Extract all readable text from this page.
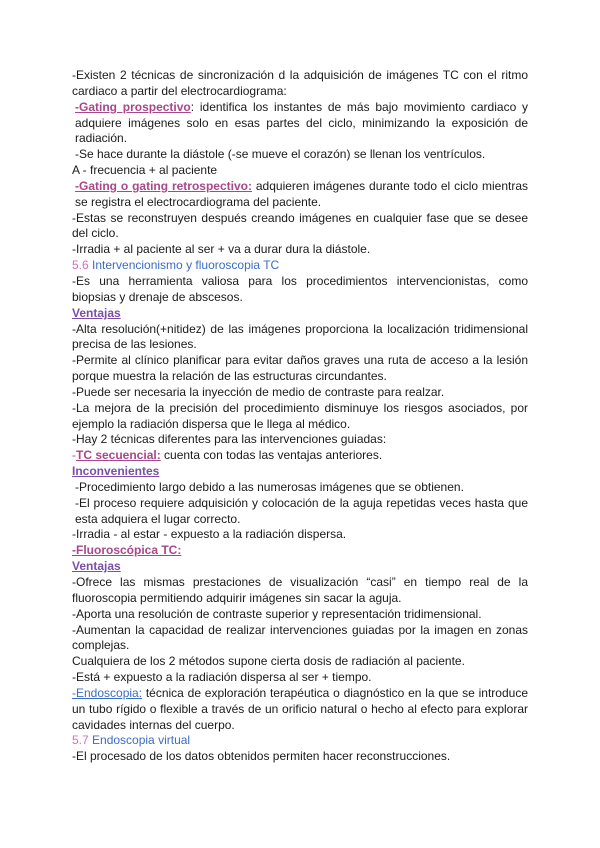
-Existen 2 técnicas de sincronización d la adquisición de imágenes TC con el ritmo cardiaco a partir del electrocardiograma:

-Gating prospectivo: identifica los instantes de más bajo movimiento cardiaco y adquiere imágenes solo en esas partes del ciclo, minimizando la exposición de radiación.

-Se hace durante la diástole (-se mueve el corazón) se llenan los ventrículos.

A - frecuencia + al paciente

-Gating o gating retrospectivo: adquieren imágenes durante todo el ciclo mientras se registra el electrocardiograma del paciente.

-Estas se reconstruyen después creando imágenes en cualquier fase que se desee del ciclo.

-Irradia + al paciente al ser + va a durar dura la diástole.

5.6 Intervencionismo y fluoroscopia TC

-Es una herramienta valiosa para los procedimientos intervencionistas, como biopsias y drenaje de abscesos.

Ventajas

-Alta resolución(+nitidez) de las imágenes proporciona la localización tridimensional precisa de las lesiones.

-Permite al clínico planificar para evitar daños graves una ruta de acceso a la lesión porque muestra la relación de las estructuras circundantes.

-Puede ser necesaria la inyección de medio de contraste para realzar.

-La mejora de la precisión del procedimiento disminuye los riesgos asociados, por ejemplo la radiación dispersa que le llega al médico.

-Hay 2 técnicas diferentes para las intervenciones guiadas:

-TC secuencial: cuenta con todas las ventajas anteriores.

Inconvenientes

-Procedimiento largo debido a las numerosas imágenes que se obtienen.

-El proceso requiere adquisición y colocación de la aguja repetidas veces hasta que esta adquiera el lugar correcto.

-Irradia - al estar - expuesto a la radiación dispersa.

-Fluoroscópica TC:

Ventajas

-Ofrece las mismas prestaciones de visualización “casi” en tiempo real de la fluoroscopia permitiendo adquirir imágenes sin sacar la aguja.

-Aporta una resolución de contraste superior y representación tridimensional.

-Aumentan la capacidad de realizar intervenciones guiadas por la imagen en zonas complejas.

Cualquiera de los 2 métodos supone cierta dosis de radiación al paciente.

-Está + expuesto a la radiación dispersa al ser + tiempo.

-Endoscopia: técnica de exploración terapéutica o diagnóstico en la que se introduce un tubo rígido o flexible a través de un orificio natural o hecho al efecto para explorar cavidades internas del cuerpo.

5.7 Endoscopia virtual

-El procesado de los datos obtenidos permiten hacer reconstrucciones.
